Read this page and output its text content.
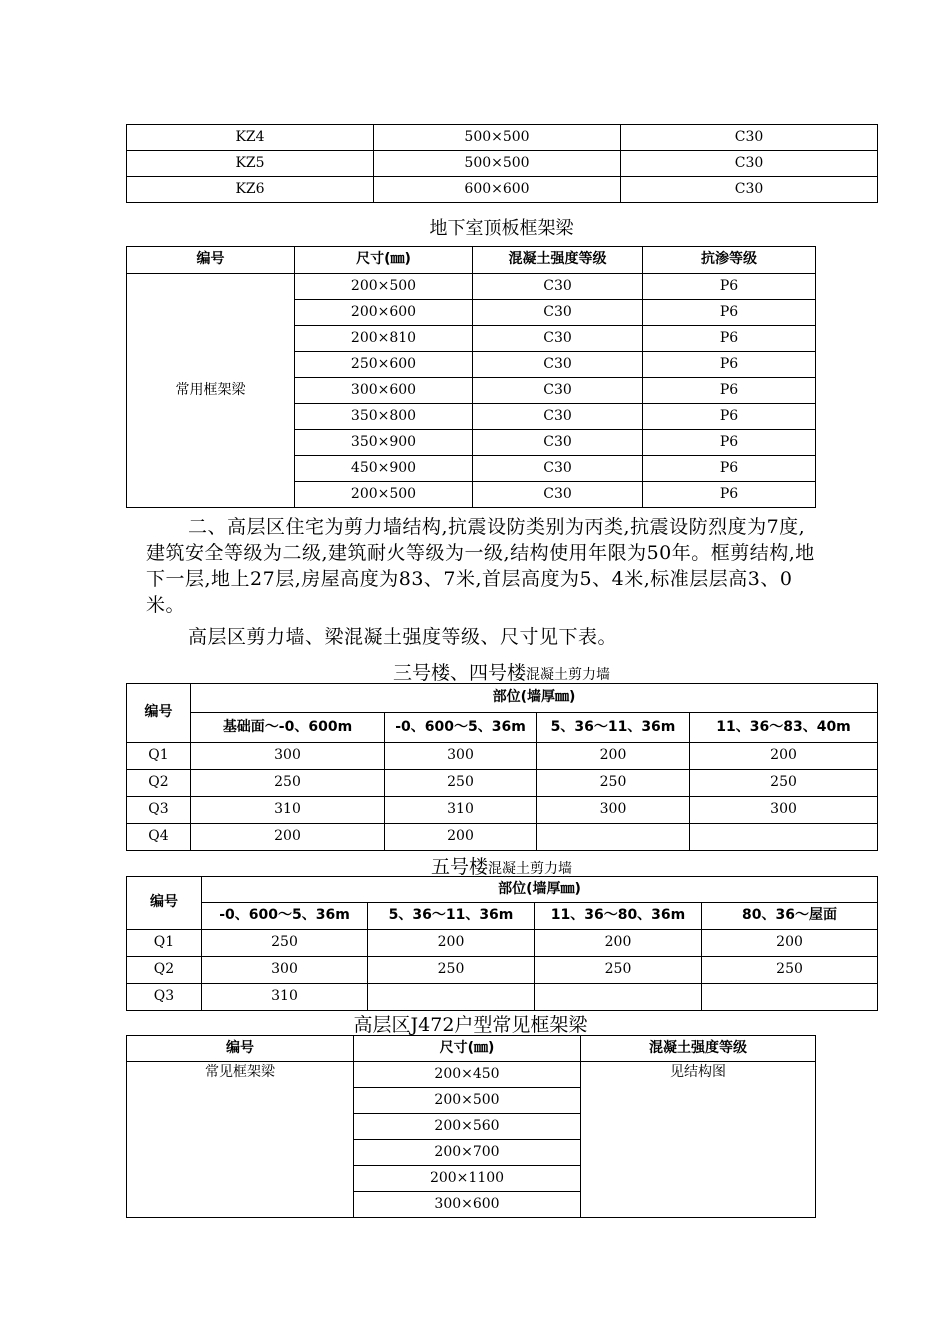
KZ4	500×500	C30
KZ5	500×500	C30
KZ6	600×600	C30
地下室顶板框架梁
编号	尺寸(㎜)	混凝土强度等级	抗渗等级
常用框架梁	200×500	C30	P6
	200×600	C30	P6
	200×810	C30	P6
	250×600	C30	P6
	300×600	C30	P6
	350×800	C30	P6
	350×900	C30	P6
	450×900	C30	P6
	200×500	C30	P6
二、高层区住宅为剪力墙结构,抗震设防类别为丙类,抗震设防烈度为7度,建筑安全等级为二级,建筑耐火等级为一级,结构使用年限为50年。框剪结构,地下一层,地上27层,房屋高度为83、7米,首层高度为5、4米,标准层层高3、0米。
高层区剪力墙、梁混凝土强度等级、尺寸见下表。
三号楼、四号楼混凝土剪力墙
编号	部位(墙厚㎜)			
	基础面～-0、600m	-0、600～5、36m	5、36～11、36m	11、36～83、40m
Q1	300	300	200	200
Q2	250	250	250	250
Q3	310	310	300	300
Q4	200	200		
五号楼混凝土剪力墙
编号	部位(墙厚㎜)			
	-0、600～5、36m	5、36～11、36m	11、36～80、36m	80、36～屋面
Q1	250	200	200	200
Q2	300	250	250	250
Q3	310			
高层区J472户型常见框架梁
编号	尺寸(㎜)	混凝土强度等级
常见框架梁	200×450	见结构图
	200×500	
	200×560	
	200×700	
	200×1100	
	300×600	
